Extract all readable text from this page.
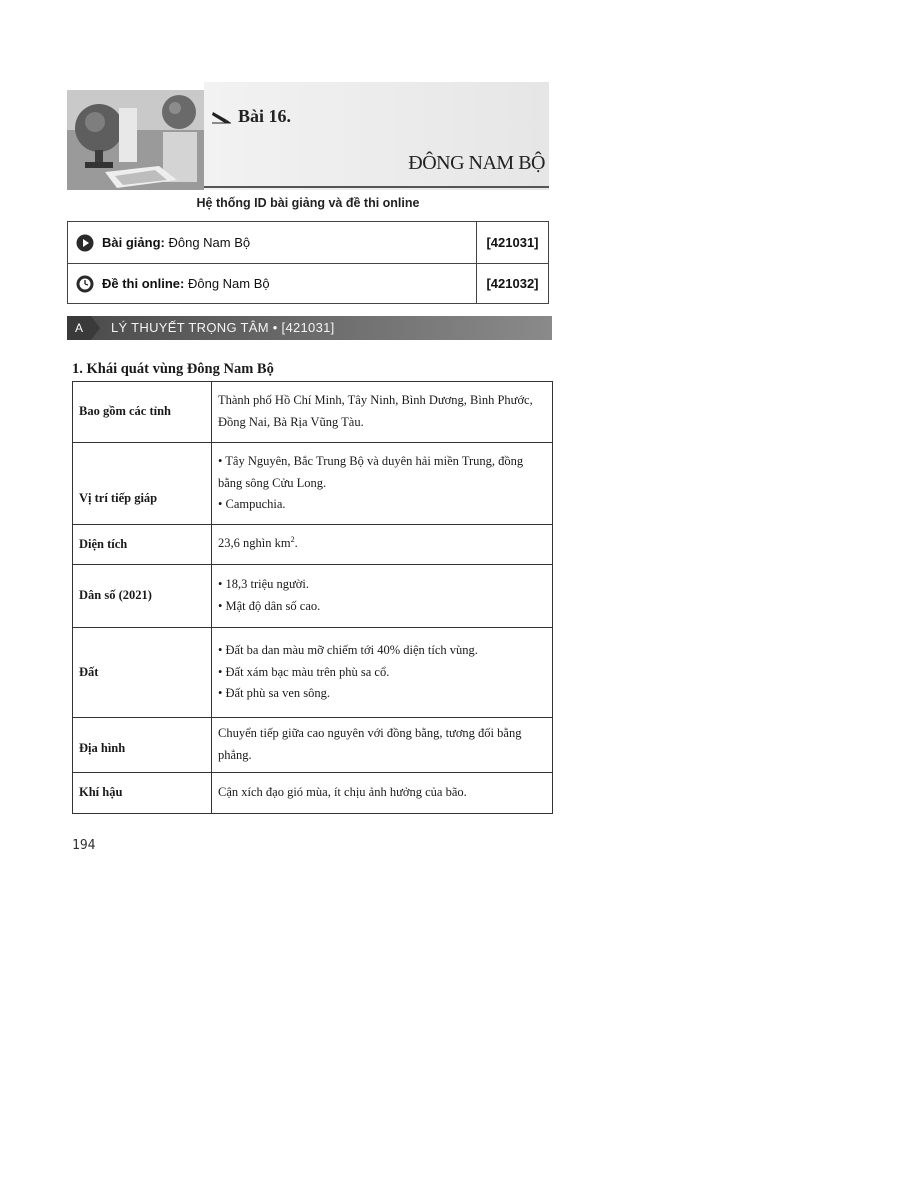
Bài 16.
ĐÔNG NAM BỘ
Hệ thống ID bài giảng và đề thi online
Bài giảng: Đông Nam Bộ	[421031]
Đề thi online: Đông Nam Bộ	[421032]
A	LÝ THUYẾT TRỌNG TÂM • [421031]
1. Khái quát vùng Đông Nam Bộ
Bao gồm các tỉnh	Thành phố Hồ Chí Minh, Tây Ninh, Bình Dương, Bình Phước,
Đồng Nai, Bà Rịa Vũng Tàu.

Vị trí tiếp giáp	• Tây Nguyên, Bắc Trung Bộ và duyên hải miền Trung, đồng
bằng sông Cửu Long.
• Campuchia.

Diện tích	23,6 nghìn $km^2$.
Dân số (2021)	• 18,3 triệu người.
• Mật độ dân số cao.

Đất	• Đất ba dan màu mỡ chiếm tới 40% diện tích vùng.
• Đất xám bạc màu trên phù sa cổ.
• Đất phù sa ven sông.

Địa hình	Chuyển tiếp giữa cao nguyên với đồng bằng, tương đối bằng
phẳng.

Khí hậu	Cận xích đạo gió mùa, ít chịu ảnh hưởng của bão.
194
